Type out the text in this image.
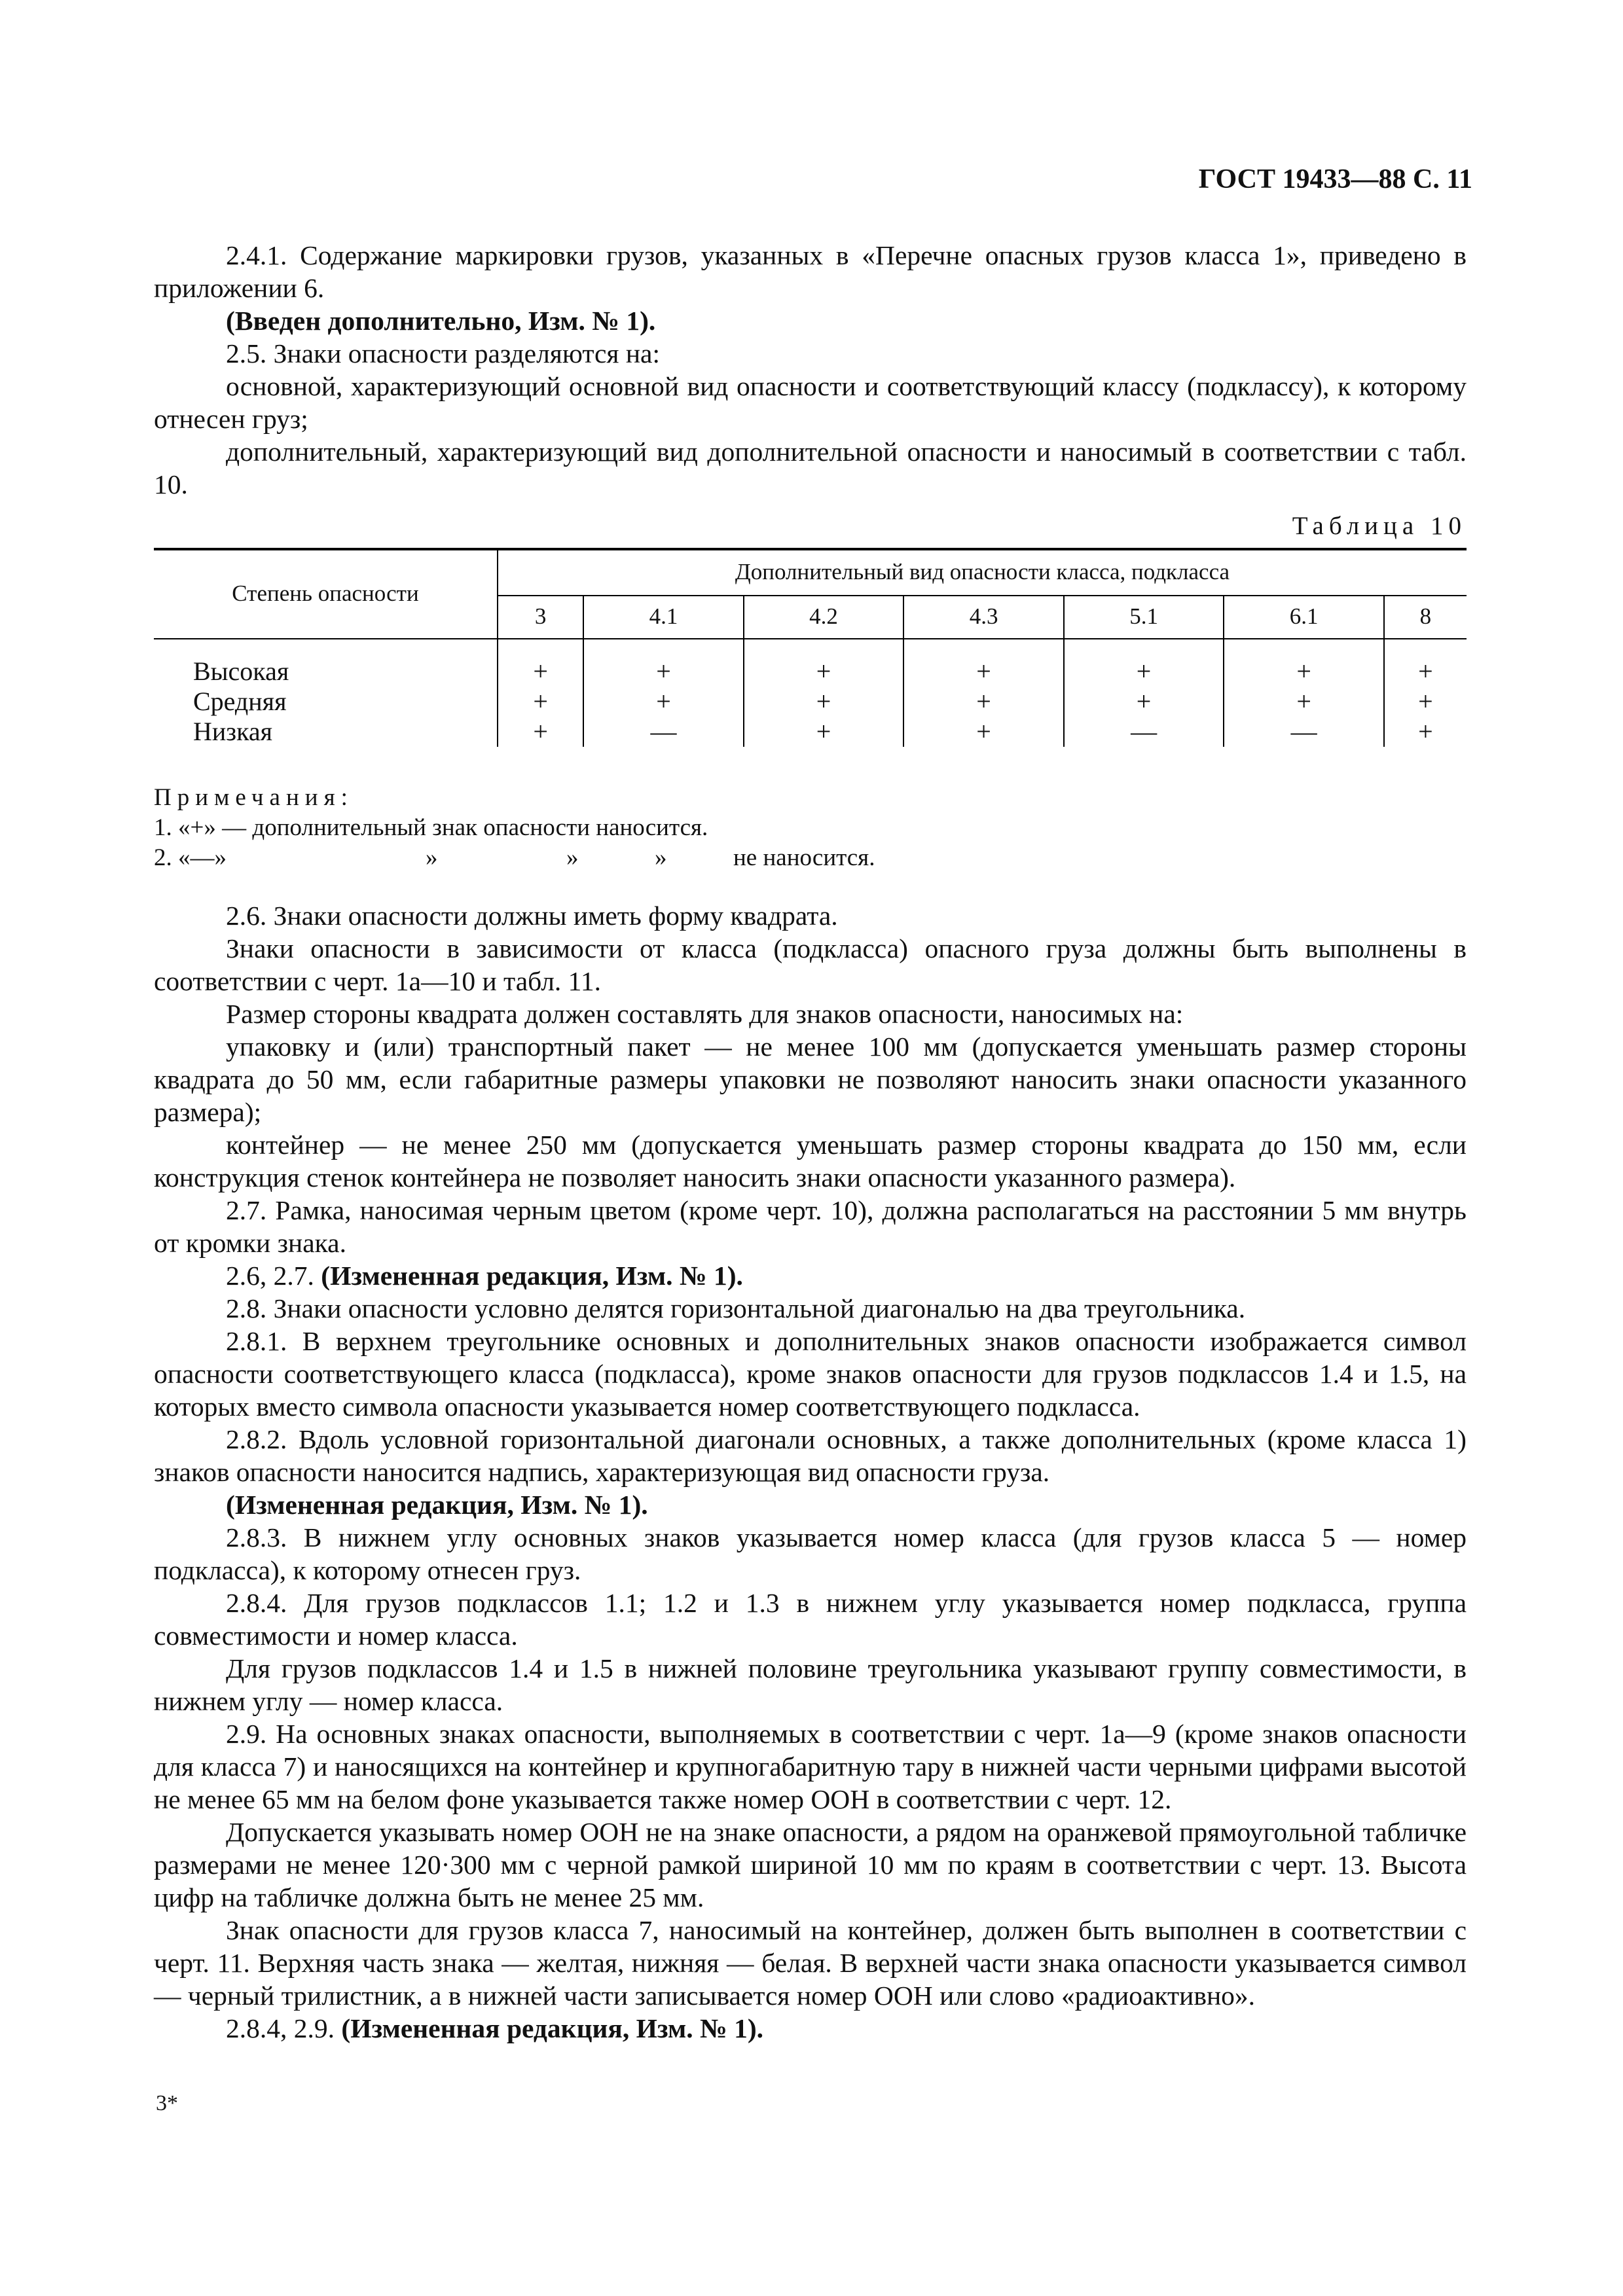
ГОСТ 19433—88 С. 11

2.4.1. Содержание маркировки грузов, указанных в «Перечне опасных грузов класса 1», приведено в приложении 6.

(Введен дополнительно, Изм. № 1).

2.5. Знаки опасности разделяются на:

основной, характеризующий основной вид опасности и соответствующий классу (подклассу), к которому отнесен груз;

дополнительный, характеризующий вид дополнительной опасности и наносимый в соответствии с табл. 10.

Таблица 10
Степень опасности	Дополнительный вид опасности класса, подкласса						
	3	4.1	4.2	4.3	5.1	6.1	8
Высокая	+	+	+	+	+	+	+
Средняя	+	+	+	+	+	+	+
Низкая	+	—	+	+	—	—	+
Примечания:
1. «+» — дополнительный знак опасности наносится.
2. «—»	»	»	»	не наносится.

2.6. Знаки опасности должны иметь форму квадрата.

Знаки опасности в зависимости от класса (подкласса) опасного груза должны быть выполнены в соответствии с черт. 1а—10 и табл. 11.

Размер стороны квадрата должен составлять для знаков опасности, наносимых на:

упаковку и (или) транспортный пакет — не менее 100 мм (допускается уменьшать размер стороны квадрата до 50 мм, если габаритные размеры упаковки не позволяют наносить знаки опасности указанного размера);

контейнер — не менее 250 мм (допускается уменьшать размер стороны квадрата до 150 мм, если конструкция стенок контейнера не позволяет наносить знаки опасности указанного размера).

2.7. Рамка, наносимая черным цветом (кроме черт. 10), должна располагаться на расстоянии 5 мм внутрь от кромки знака.

2.6, 2.7. (Измененная редакция, Изм. № 1).

2.8. Знаки опасности условно делятся горизонтальной диагональю на два треугольника.

2.8.1. В верхнем треугольнике основных и дополнительных знаков опасности изображается символ опасности соответствующего класса (подкласса), кроме знаков опасности для грузов подклассов 1.4 и 1.5, на которых вместо символа опасности указывается номер соответствующего подкласса.

2.8.2. Вдоль условной горизонтальной диагонали основных, а также дополнительных (кроме класса 1) знаков опасности наносится надпись, характеризующая вид опасности груза.

(Измененная редакция, Изм. № 1).

2.8.3. В нижнем углу основных знаков указывается номер класса (для грузов класса 5 — номер подкласса), к которому отнесен груз.

2.8.4. Для грузов подклассов 1.1; 1.2 и 1.3 в нижнем углу указывается номер подкласса, группа совместимости и номер класса.

Для грузов подклассов 1.4 и 1.5 в нижней половине треугольника указывают группу совместимости, в нижнем углу — номер класса.

2.9. На основных знаках опасности, выполняемых в соответствии с черт. 1а—9 (кроме знаков опасности для класса 7) и наносящихся на контейнер и крупногабаритную тару в нижней части черными цифрами высотой не менее 65 мм на белом фоне указывается также номер ООН в соответствии с черт. 12.

Допускается указывать номер ООН не на знаке опасности, а рядом на оранжевой прямоугольной табличке размерами не менее 120·300 мм с черной рамкой шириной 10 мм по краям в соответствии с черт. 13. Высота цифр на табличке должна быть не менее 25 мм.

Знак опасности для грузов класса 7, наносимый на контейнер, должен быть выполнен в соответствии с черт. 11. Верхняя часть знака — желтая, нижняя — белая. В верхней части знака опасности указывается символ — черный трилистник, а в нижней части записывается номер ООН или слово «радиоактивно».

2.8.4, 2.9. (Измененная редакция, Изм. № 1).

3*
